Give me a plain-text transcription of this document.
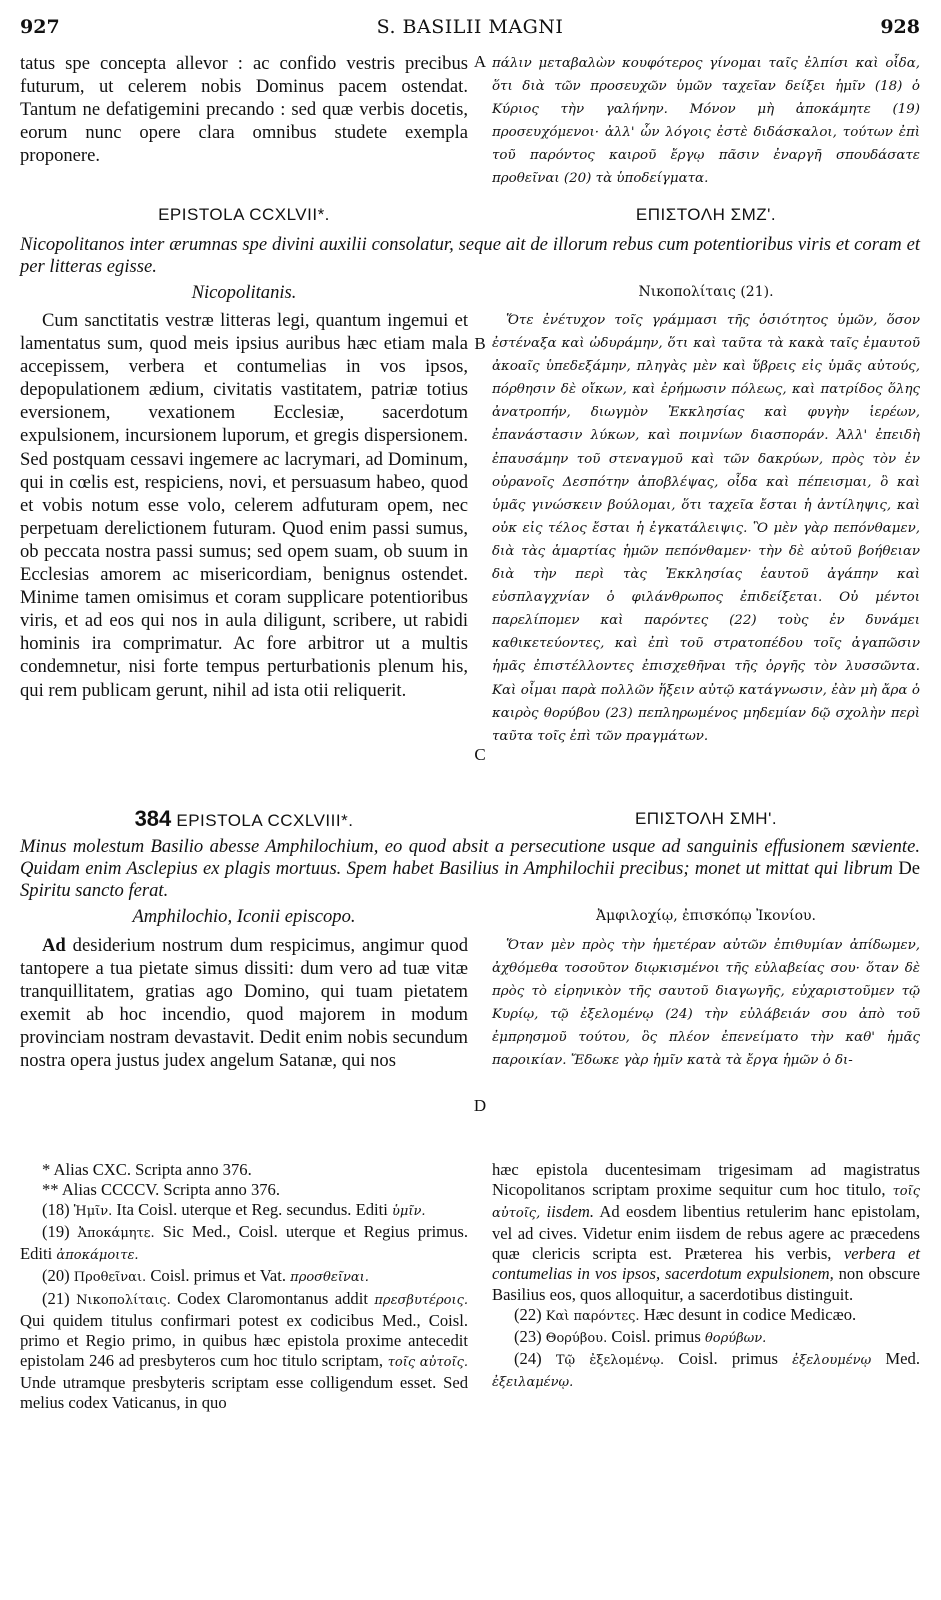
927	S. BASILII MAGNI	928
tatus spe concepta allevor : ac confido vestris precibus futurum, ut celerem nobis Dominus pacem ostendat. Tantum ne defatigemini precando : sed quæ verbis docetis, eorum nunc opere clara omnibus studete exempla proponere.
A πάλιν μεταβαλὼν κουφότερος γίνομαι ταῖς ἐλπίσι καὶ οἶδα, ὅτι διὰ τῶν προσευχῶν ὑμῶν ταχεῖαν δείξει ἡμῖν (18) ὁ Κύριος τὴν γαλήνην. Μόνον μὴ ἀποκάμητε (19) προσευχόμενοι· ἀλλ' ὧν λόγοις ἐστὲ διδάσκαλοι, τούτων ἐπὶ τοῦ παρόντος καιροῦ ἔργῳ πᾶσιν ἐναργῆ σπουδάσατε προθεῖναι (20) τὰ ὑποδείγματα.
EPISTOLA CCXLVII*.	ΕΠΙΣΤΟΛΗ ΣΜΖ'.
Nicopolitanos inter ærumnas spe divini auxilii consolatur, seque ait de illorum rebus cum potentioribus viris et coram et per litteras egisse.
Nicopolitanis.	Νικοπολίταις (21).
Cum sanctitatis vestræ litteras legi, quantum ingemui et lamentatus sum, quod meis ipsius auribus hæc etiam mala accepissem, verbera et contumelias in vos ipsos, depopulationem ædium, civitatis vastitatem, patriæ totius eversionem, vexationem Ecclesiæ, sacerdotum expulsionem, incursionem luporum, et gregis dispersionem. Sed postquam cessavi ingemere ac lacrymari, ad Dominum, qui in cœlis est, respiciens, novi, et persuasum habeo, quod et vobis notum esse volo, celerem adfuturam opem, nec perpetuam derelictionem futuram. Quod enim passi sumus, ob peccata nostra passi sumus; sed opem suam, ob suum in Ecclesias amorem ac misericordiam, benignus ostendet. Minime tamen omisimus et coram supplicare potentioribus viris, et ad eos qui nos in aula diligunt, scribere, ut rabidi hominis ira comprimatur. Ac fore arbitror ut a multis condemnetur, nisi forte tempus perturbationis plenum his, qui rem publicam gerunt, nihil ad ista otii reliquerit.
B
C
Ὅτε ἐνέτυχον τοῖς γράμμασι τῆς ὁσιότητος ὑμῶν, ὅσον ἐστέναξα καὶ ὠδυράμην, ὅτι καὶ ταῦτα τὰ κακὰ ταῖς ἐμαυτοῦ ἀκοαῖς ὑπεδεξάμην, πληγὰς μὲν καὶ ὕβρεις εἰς ὑμᾶς αὐτούς, πόρθησιν δὲ οἴκων, καὶ ἐρήμωσιν πόλεως, καὶ πατρίδος ὅλης ἀνατροπήν, διωγμὸν Ἐκκλησίας καὶ φυγὴν ἱερέων, ἐπανάστασιν λύκων, καὶ ποιμνίων διασποράν. Ἀλλ' ἐπειδὴ ἐπαυσάμην τοῦ στεναγμοῦ καὶ τῶν δακρύων, πρὸς τὸν ἐν οὐρανοῖς Δεσπότην ἀποβλέψας, οἶδα καὶ πέπεισμαι, ὃ καὶ ὑμᾶς γινώσκειν βούλομαι, ὅτι ταχεῖα ἔσται ἡ ἀντίληψις, καὶ οὐκ εἰς τέλος ἔσται ἡ ἐγκατάλειψις. Ὃ μὲν γὰρ πεπόνθαμεν, διὰ τὰς ἁμαρτίας ἡμῶν πεπόνθαμεν· τὴν δὲ αὐτοῦ βοήθειαν διὰ τὴν περὶ τὰς Ἐκκλησίας ἑαυτοῦ ἀγάπην καὶ εὐσπλαγχνίαν ὁ φιλάνθρωπος ἐπιδείξεται. Οὐ μέντοι παρελίπομεν καὶ παρόντες (22) τοὺς ἐν δυνάμει καθικετεύοντες, καὶ ἐπὶ τοῦ στρατοπέδου τοῖς ἀγαπῶσιν ἡμᾶς ἐπιστέλλοντες ἐπισχεθῆναι τῆς ὀργῆς τὸν λυσσῶντα. Καὶ οἶμαι παρὰ πολλῶν ἥξειν αὐτῷ κατάγνωσιν, ἐὰν μὴ ἄρα ὁ καιρὸς θορύβου (23) πεπληρωμένος μηδεμίαν δῷ σχολὴν περὶ ταῦτα τοῖς ἐπὶ τῶν πραγμάτων.
384 EPISTOLA CCXLVIII*.	ΕΠΙΣΤΟΛΗ ΣΜΗ'.
Minus molestum Basilio abesse Amphilochium, eo quod absit a persecutione usque ad sanguinis effusionem sæviente. Quidam enim Asclepius ex plagis mortuus. Spem habet Basilius in Amphilochii precibus; monet ut mittat qui librum De Spiritu sancto ferat.
Amphilochio, Iconii episcopo.	Ἀμφιλοχίῳ, ἐπισκόπῳ Ἰκονίου.
Ad desiderium nostrum dum respicimus, angimur quod tantopere a tua pietate simus dissiti: dum vero ad tuæ vitæ tranquillitatem, gratias ago Domino, qui tuam pietatem exemit ab hoc incendio, quod majorem in modum provinciam nostram devastavit. Dedit enim nobis secundum nostra opera justus judex angelum Satanæ, qui nos
D
Ὅταν μὲν πρὸς τὴν ἡμετέραν αὐτῶν ἐπιθυμίαν ἀπίδωμεν, ἀχθόμεθα τοσοῦτον διῳκισμένοι τῆς εὐλαβείας σου· ὅταν δὲ πρὸς τὸ εἰρηνικὸν τῆς σαυτοῦ διαγωγῆς, εὐχαριστοῦμεν τῷ Κυρίῳ, τῷ ἐξελομένῳ (24) τὴν εὐλάβειάν σου ἀπὸ τοῦ ἐμπρησμοῦ τούτου, ὃς πλέον ἐπενείματο τὴν καθ' ἡμᾶς παροικίαν. Ἔδωκε γὰρ ἡμῖν κατὰ τὰ ἔργα ἡμῶν ὁ δι-

* Alias CXC. Scripta anno 376.

** Alias CCCCV. Scripta anno 376.

(18) Ἡμῖν. Ita Coisl. uterque et Reg. secundus. Editi ὑμῖν.

(19) Ἀποκάμητε. Sic Med., Coisl. uterque et Regius primus. Editi ἀποκάμοιτε.

(20) Προθεῖναι. Coisl. primus et Vat. προσθεῖναι.

(21) Νικοπολίταις. Codex Claromontanus addit πρεσβυτέροις. Qui quidem titulus confirmari potest ex codicibus Med., Coisl. primo et Regio primo, in quibus hæc epistola proxime antecedit epistolam 246 ad presbyteros cum hoc titulo scriptam, τοῖς αὐτοῖς. Unde utramque presbyteris scriptam esse colligendum esset. Sed melius codex Vaticanus, in quo

hæc epistola ducentesimam trigesimam ad magistratus Nicopolitanos scriptam proxime sequitur cum hoc titulo, τοῖς αὐτοῖς, iisdem. Ad eosdem libentius retulerim hanc epistolam, vel ad cives. Videtur enim iisdem de rebus agere ac præcedens quæ clericis scripta est. Præterea his verbis, verbera et contumelias in vos ipsos, sacerdotum expulsionem, non obscure Basilius eos, quos alloquitur, a sacerdotibus distinguit.

(22) Καὶ παρόντες. Hæc desunt in codice Medicæo.

(23) Θορύβου. Coisl. primus θορύβων.

(24) Τῷ ἐξελομένῳ. Coisl. primus ἐξελουμένῳ Med. ἐξειλαμένῳ.
